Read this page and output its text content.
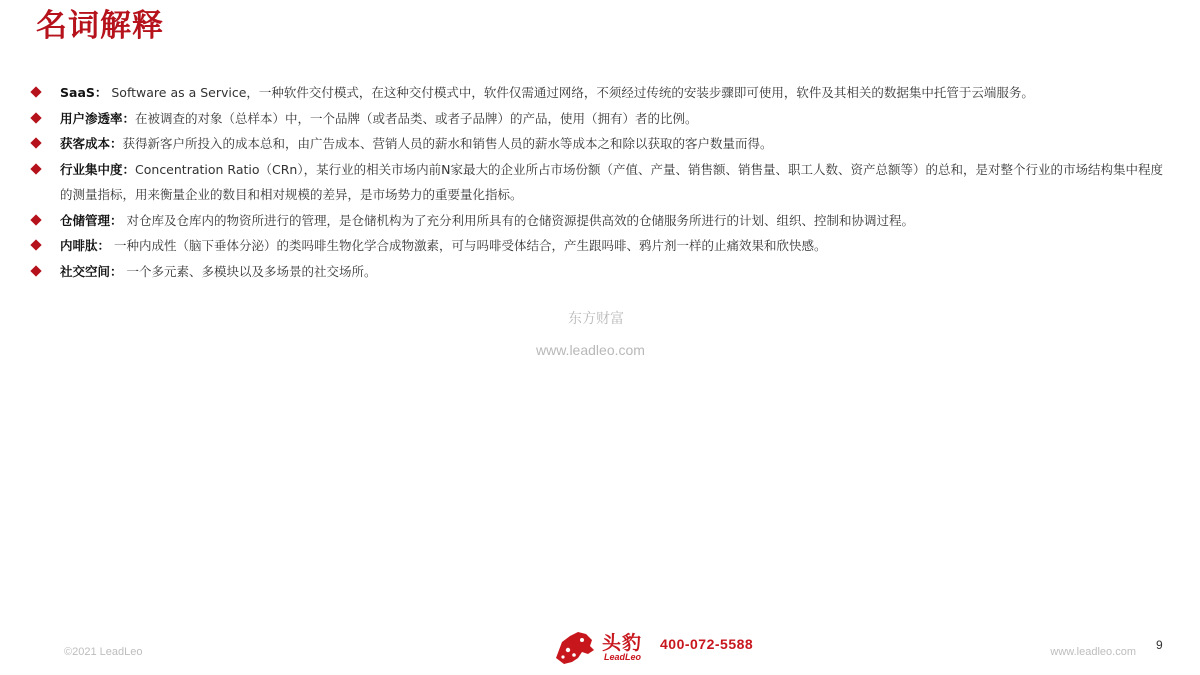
名词解释
SaaS： Software as a Service，一种软件交付模式，在这种交付模式中，软件仅需通过网络，不须经过传统的安装步骤即可使用，软件及其相关的数据集中托管于云端服务。
用户渗透率：在被调查的对象（总样本）中，一个品牌（或者品类、或者子品牌）的产品，使用（拥有）者的比例。
获客成本：获得新客户所投入的成本总和，由广告成本、营销人员的薪水和销售人员的薪水等成本之和除以获取的客户数量而得。
行业集中度：Concentration Ratio（CRn），某行业的相关市场内前N家最大的企业所占市场份额（产值、产量、销售额、销售量、职工人数、资产总额等）的总和，是对整个行业的市场结构集中程度的测量指标，用来衡量企业的数目和相对规模的差异，是市场势力的重要量化指标。
仓储管理： 对仓库及仓库内的物资所进行的管理，是仓储机构为了充分利用所具有的仓储资源提供高效的仓储服务所进行的计划、组织、控制和协调过程。
内啡肽： 一种内成性（脑下垂体分泌）的类吗啡生物化学合成物激素，可与吗啡受体结合，产生跟吗啡、鸦片剂一样的止痛效果和欣快感。
社交空间： 一个多元素、多模块以及多场景的社交场所。
东方财富
www.leadleo.com
©2021 LeadLeo	头豹
LeadLeo
400-072-5588	www.leadleo.com 9
